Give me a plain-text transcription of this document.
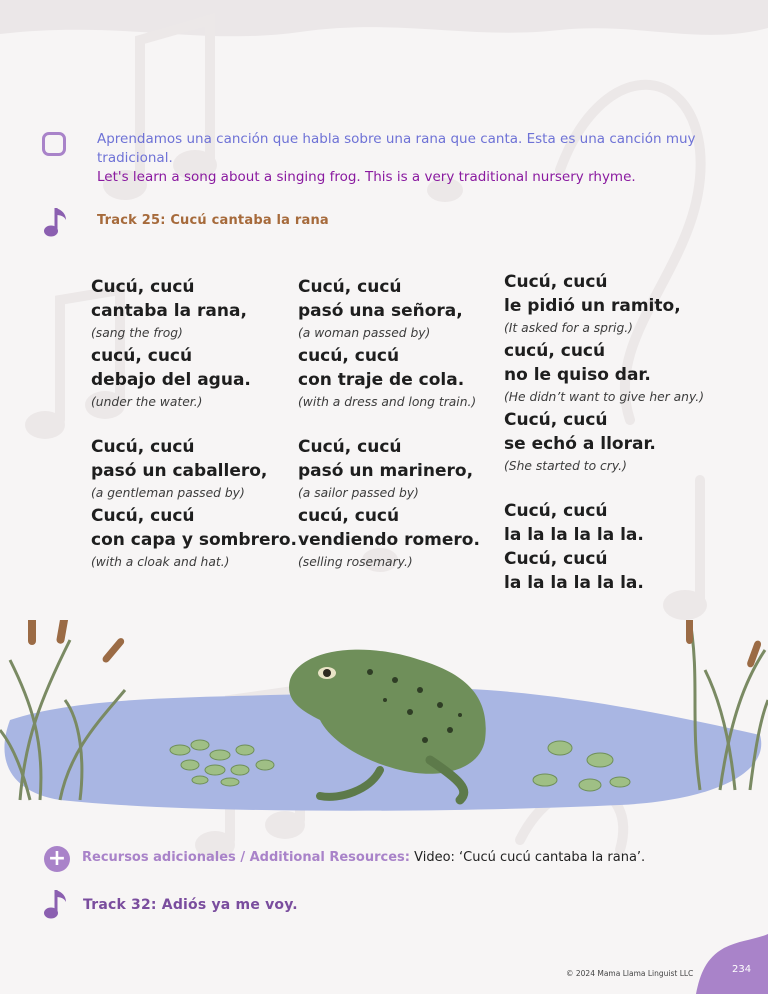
Aprendamos una canción que habla sobre una rana que canta. Esta es una canción muy tradicional.
Let's learn a song about a singing frog. This is a very traditional nursery rhyme.
Track 25: Cucú cantaba la rana
Cucú, cucú
cantaba la rana,
(sang the frog)
cucú, cucú
debajo del agua.
(under the water.)
Cucú, cucú
pasó un caballero,
(a gentleman passed by)
Cucú, cucú
con capa y sombrero.
(with a cloak and hat.)
Cucú, cucú
pasó una señora,
(a woman passed by)
cucú, cucú
con traje de cola.
(with a dress and long train.)
Cucú, cucú
pasó un marinero,
(a sailor passed by)
cucú, cucú
vendiendo romero.
(selling rosemary.)
Cucú, cucú
le pidió un ramito,
(It asked for a sprig.)
cucú, cucú
no le quiso dar.
(He didn’t want to give her any.)
Cucú, cucú
se echó a llorar.
(She started to cry.)
Cucú, cucú
la la la la la la.
Cucú, cucú
la la la la la la.
+ Recursos adicionales / Additional Resources: Video: ‘Cucú cucú cantaba la rana’.
Track 32: Adiós ya me voy.
© 2024 Mama Llama Linguist LLC	234
